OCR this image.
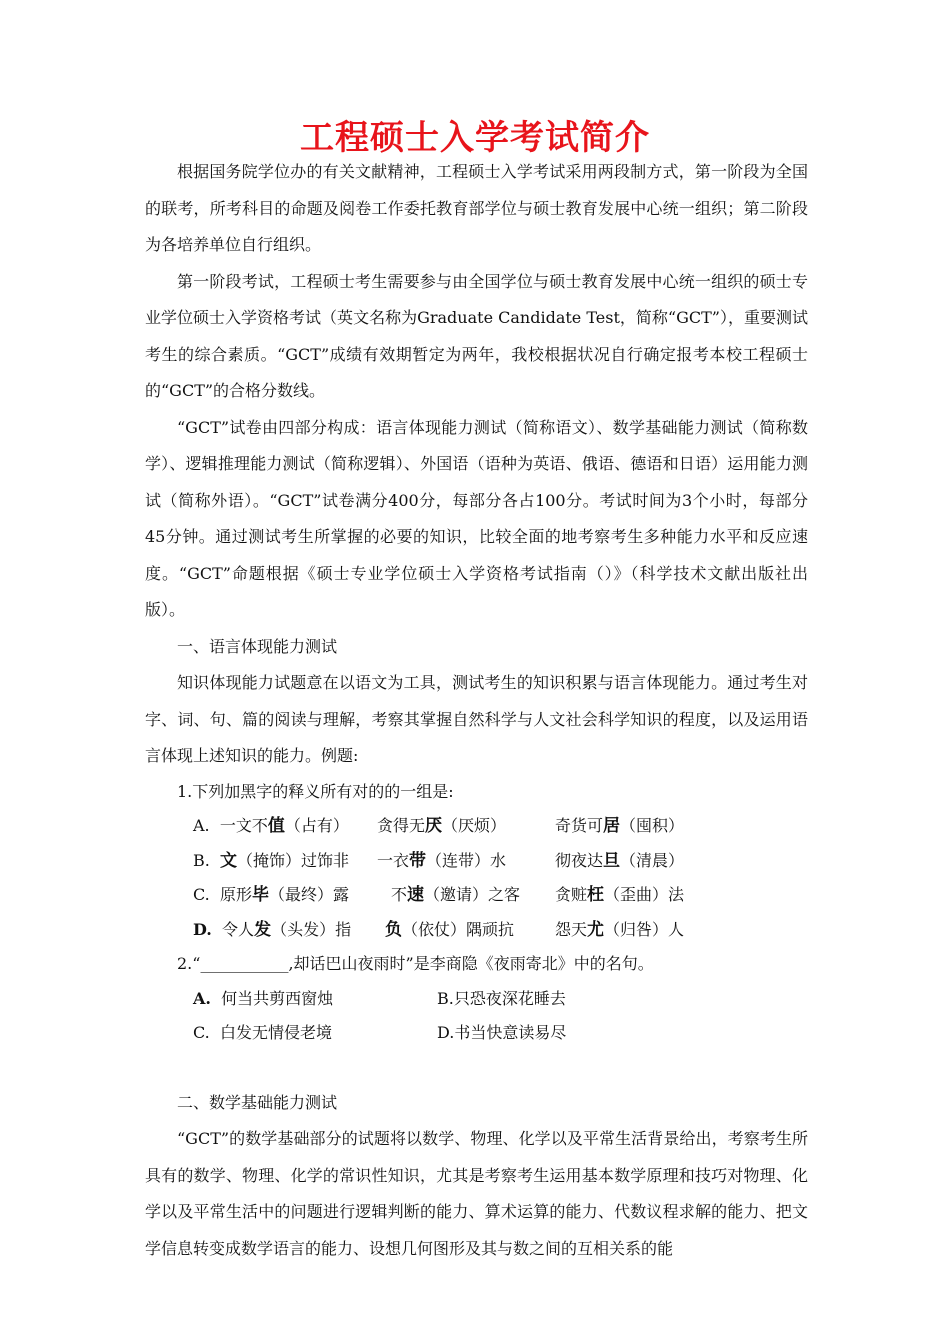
工程硕士入学考试简介

根据国务院学位办的有关文献精神，工程硕士入学考试采用两段制方式，第一阶段为全国的联考，所考科目的命题及阅卷工作委托教育部学位与硕士教育发展中心统一组织；第二阶段为各培养单位自行组织。

第一阶段考试，工程硕士考生需要参与由全国学位与硕士教育发展中心统一组织的硕士专业学位硕士入学资格考试（英文名称为Graduate Candidate Test，简称“GCT”），重要测试考生的综合素质。“GCT”成绩有效期暂定为两年，我校根据状况自行确定报考本校工程硕士的“GCT”的合格分数线。

“GCT”试卷由四部分构成：语言体现能力测试（简称语文）、数学基础能力测试（简称数学）、逻辑推理能力测试（简称逻辑）、外国语（语种为英语、俄语、德语和日语）运用能力测试（简称外语）。“GCT”试卷满分400分，每部分各占100分。考试时间为3个小时，每部分45分钟。通过测试考生所掌握的必要的知识，比较全面的地考察考生多种能力水平和反应速度。“GCT”命题根据《硕士专业学位硕士入学资格考试指南（）》（科学技术文献出版社出版）。

一、语言体现能力测试

知识体现能力试题意在以语文为工具，测试考生的知识积累与语言体现能力。通过考生对字、词、句、篇的阅读与理解，考察其掌握自然科学与人文社会科学知识的程度，以及运用语言体现上述知识的能力。例题:

1.下列加黑字的释义所有对的的一组是:
A. 一文不值（占有） 贪得无厌（厌烦）	奇货可居（囤积）
B. 文（掩饰）过饰非 一衣带（连带）水	彻夜达旦（清晨）
C. 原形毕（最终）露	不速（邀请）之客 贪赃枉（歪曲）法
D. 令人发（头发）指 负（依仗）隅顽抗	怨天尤（归咎）人
2.“___________,却话巴山夜雨时”是李商隐《夜雨寄北》中的名句。
A. 何当共剪西窗烛	B.只恐夜深花睡去
C. 白发无情侵老境	D.书当快意读易尽
二、数学基础能力测试

“GCT”的数学基础部分的试题将以数学、物理、化学以及平常生活背景给出，考察考生所具有的数学、物理、化学的常识性知识，尤其是考察考生运用基本数学原理和技巧对物理、化学以及平常生活中的问题进行逻辑判断的能力、算术运算的能力、代数议程求解的能力、把文学信息转变成数学语言的能力、设想几何图形及其与数之间的互相关系的能
